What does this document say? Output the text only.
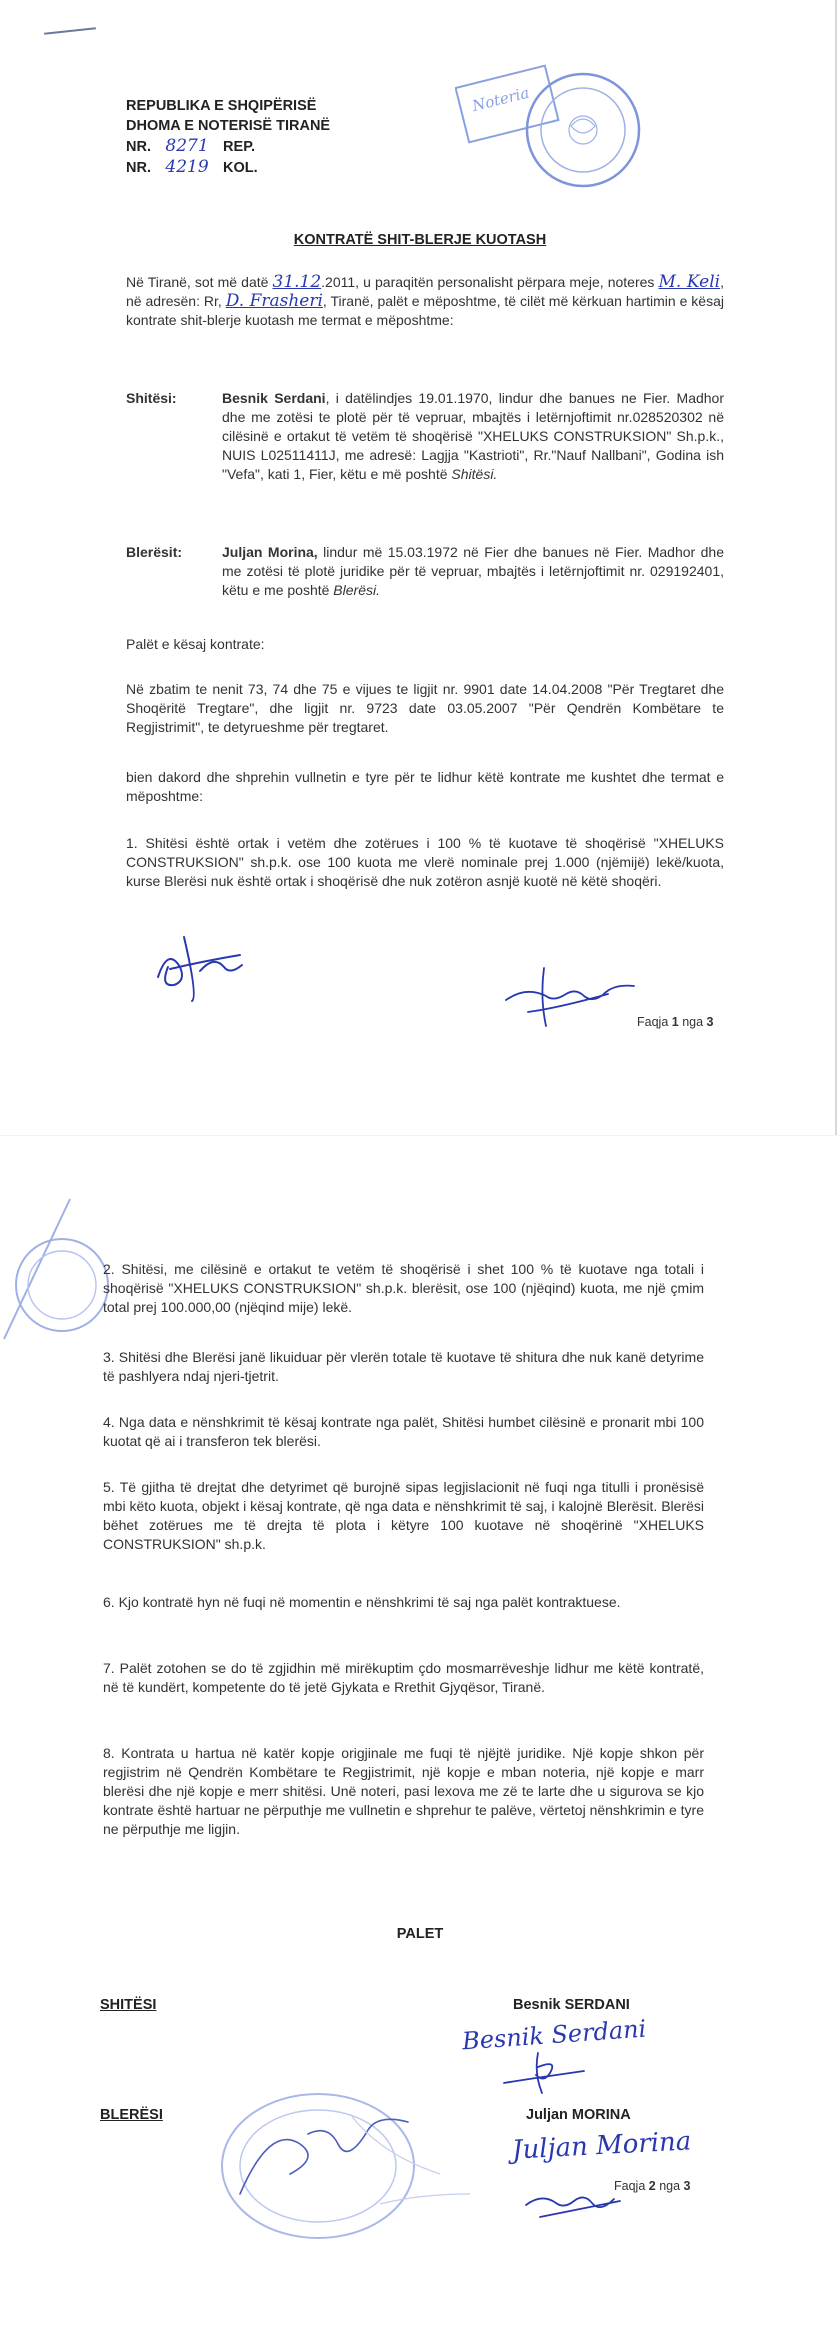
Noteria
REPUBLIKA E SHQIPËRISË
DHOMA E NOTERISË TIRANË
NR. 8271 REP.
NR. 4219 KOL.
KONTRATË SHIT-BLERJE KUOTASH
Në Tiranë, sot më datë 31.12.2011, u paraqitën personalisht përpara meje, noteres M. Keli, në adresën: Rr, D. Frasheri, Tiranë, palët e mëposhtme, të cilët më kërkuan hartimin e kësaj kontrate shit-blerje kuotash me termat e mëposhtme:
Shitësi:	Besnik Serdani, i datëlindjes 19.01.1970, lindur dhe banues ne Fier. Madhor dhe me zotësi te plotë për të vepruar, mbajtës i letërnjoftimit nr.028520302 në cilësinë e ortakut të vetëm të shoqërisë "XHELUKS CONSTRUKSION" Sh.p.k., NUIS L02511411J, me adresë: Lagjja "Kastrioti", Rr."Nauf Nallbani", Godina ish "Vefa", kati 1, Fier, këtu e më poshtë Shitësi.
Blerësit:	Juljan Morina, lindur më 15.03.1972 në Fier dhe banues në Fier. Madhor dhe me zotësi të plotë juridike për të vepruar, mbajtës i letërnjoftimit nr. 029192401, këtu e me poshtë Blerësi.
Palët e kësaj kontrate:
Në zbatim te nenit 73, 74 dhe 75 e vijues te ligjit nr. 9901 date 14.04.2008 "Për Tregtaret dhe Shoqëritë Tregtare", dhe ligjit nr. 9723 date 03.05.2007 "Për Qendrën Kombëtare te Regjistrimit", te detyrueshme për tregtaret.
bien dakord dhe shprehin vullnetin e tyre për te lidhur këtë kontrate me kushtet dhe termat e mëposhtme:
1. Shitësi është ortak i vetëm dhe zotërues i 100 % të kuotave të shoqërisë "XHELUKS CONSTRUKSION" sh.p.k. ose 100 kuota me vlerë nominale prej 1.000 (njëmijë) lekë/kuota, kurse Blerësi nuk është ortak i shoqërisë dhe nuk zotëron asnjë kuotë në këtë shoqëri.
Faqja 1 nga 3
2. Shitësi, me cilësinë e ortakut te vetëm të shoqërisë i shet 100 % të kuotave nga totali i shoqërisë "XHELUKS CONSTRUKSION" sh.p.k. blerësit, ose 100 (njëqind) kuota, me një çmim total prej 100.000,00 (njëqind mije) lekë.
3. Shitësi dhe Blerësi janë likuiduar për vlerën totale të kuotave të shitura dhe nuk kanë detyrime të pashlyera ndaj njeri-tjetrit.
4. Nga data e nënshkrimit të kësaj kontrate nga palët, Shitësi humbet cilësinë e pronarit mbi 100 kuotat që ai i transferon tek blerësi.
5. Të gjitha të drejtat dhe detyrimet që burojnë sipas legjislacionit në fuqi nga titulli i pronësisë mbi këto kuota, objekt i kësaj kontrate, që nga data e nënshkrimit të saj, i kalojnë Blerësit. Blerësi bëhet zotërues me të drejta të plota i këtyre 100 kuotave në shoqërinë "XHELUKS CONSTRUKSION" sh.p.k.
6. Kjo kontratë hyn në fuqi në momentin e nënshkrimi të saj nga palët kontraktuese.
7. Palët zotohen se do të zgjidhin më mirëkuptim çdo mosmarrëveshje lidhur me këtë kontratë, në të kundërt, kompetente do të jetë Gjykata e Rrethit Gjyqësor, Tiranë.
8. Kontrata u hartua në katër kopje origjinale me fuqi të njëjtë juridike. Një kopje shkon për regjistrim në Qendrën Kombëtare te Regjistrimit, një kopje e mban noteria, një kopje e marr blerësi dhe një kopje e merr shitësi. Unë noteri, pasi lexova me zë te larte dhe u sigurova se kjo kontrate është hartuar ne përputhje me vullnetin e shprehur te palëve, vërtetoj nënshkrimin e tyre ne përputhje me ligjin.
PALET
SHITËSI	Besnik SERDANI
Besnik Serdani
BLERËSI	Juljan MORINA
Juljan Morina
Faqja 2 nga 3
